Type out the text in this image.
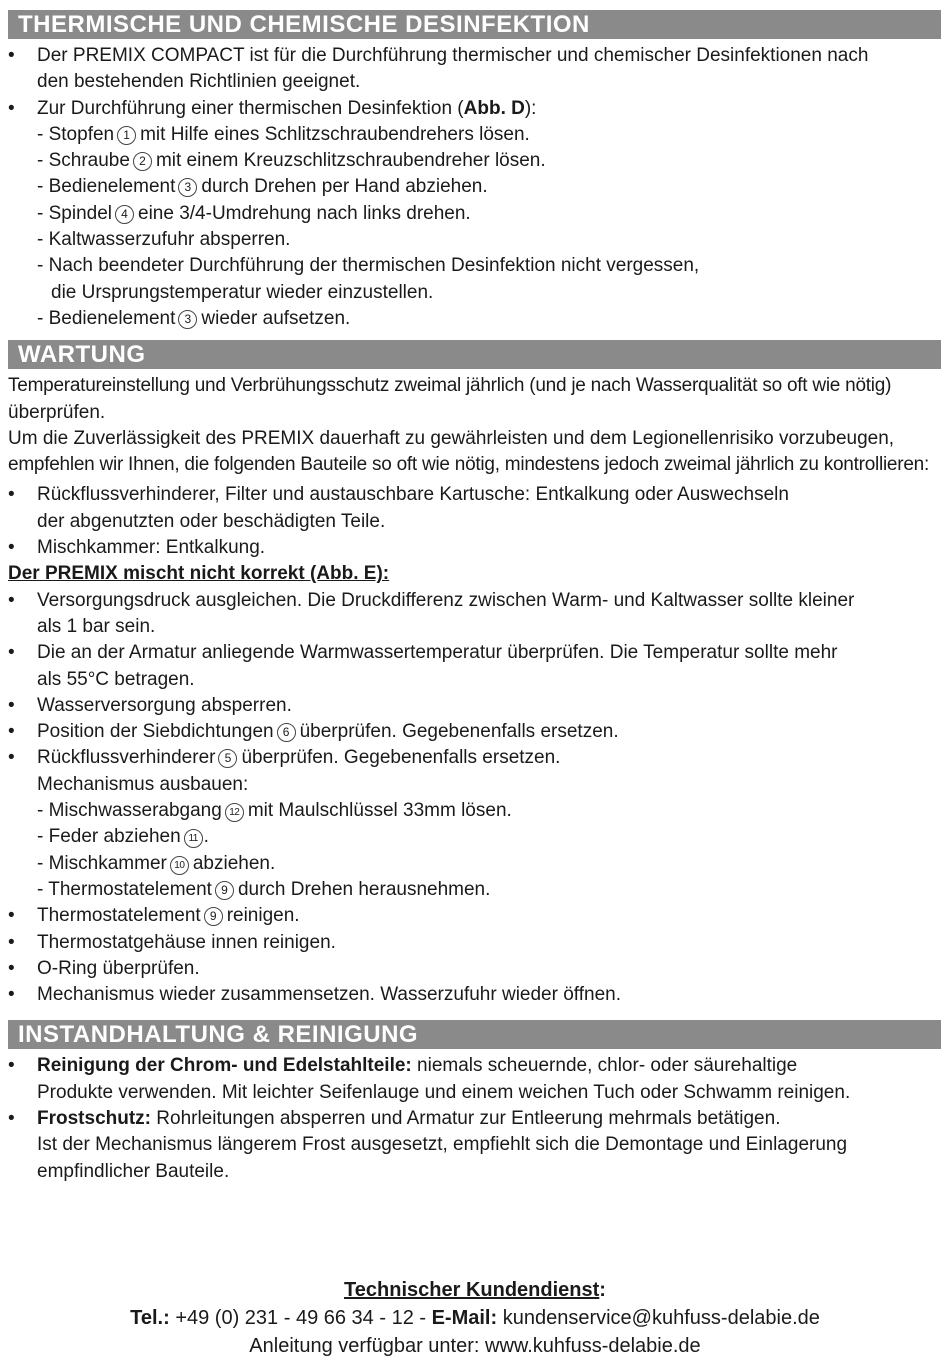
THERMISCHE UND CHEMISCHE DESINFEKTION
• Der PREMIX COMPACT ist für die Durchführung thermischer und chemischer Desinfektionen nach
den bestehenden Richtlinien geeignet.
• Zur Durchführung einer thermischen Desinfektion (Abb. D):
- Stopfen 1 mit Hilfe eines Schlitzschraubendrehers lösen.
- Schraube 2 mit einem Kreuzschlitzschraubendreher lösen.
- Bedienelement 3 durch Drehen per Hand abziehen.
- Spindel 4 eine 3/4-Umdrehung nach links drehen.
- Kaltwasserzufuhr absperren.
- Nach beendeter Durchführung der thermischen Desinfektion nicht vergessen,
die Ursprungstemperatur wieder einzustellen.
- Bedienelement 3 wieder aufsetzen.
WARTUNG
Temperatureinstellung und Verbrühungsschutz zweimal jährlich (und je nach Wasserqualität so oft wie nötig)
überprüfen.
Um die Zuverlässigkeit des PREMIX dauerhaft zu gewährleisten und dem Legionellenrisiko vorzubeugen,
empfehlen wir Ihnen, die folgenden Bauteile so oft wie nötig, mindestens jedoch zweimal jährlich zu kontrollieren:
• Rückflussverhinderer, Filter und austauschbare Kartusche: Entkalkung oder Auswechseln
der abgenutzten oder beschädigten Teile.
• Mischkammer: Entkalkung.
Der PREMIX mischt nicht korrekt (Abb. E):
• Versorgungsdruck ausgleichen. Die Druckdifferenz zwischen Warm- und Kaltwasser sollte kleiner
als 1 bar sein.
• Die an der Armatur anliegende Warmwassertemperatur überprüfen. Die Temperatur sollte mehr
als 55°C betragen.
• Wasserversorgung absperren.
• Position der Siebdichtungen 6 überprüfen. Gegebenenfalls ersetzen.
• Rückflussverhinderer 5 überprüfen. Gegebenenfalls ersetzen.
Mechanismus ausbauen:
- Mischwasserabgang 12 mit Maulschlüssel 33mm lösen.
- Feder abziehen 11 .
- Mischkammer 10 abziehen.
- Thermostatelement 9 durch Drehen herausnehmen.
• Thermostatelement 9 reinigen.
• Thermostatgehäuse innen reinigen.
• O-Ring überprüfen.
• Mechanismus wieder zusammensetzen. Wasserzufuhr wieder öffnen.
INSTANDHALTUNG & REINIGUNG
• Reinigung der Chrom- und Edelstahlteile: niemals scheuernde, chlor- oder säurehaltige
Produkte verwenden. Mit leichter Seifenlauge und einem weichen Tuch oder Schwamm reinigen.
• Frostschutz: Rohrleitungen absperren und Armatur zur Entleerung mehrmals betätigen.
Ist der Mechanismus längerem Frost ausgesetzt, empfiehlt sich die Demontage und Einlagerung
empfindlicher Bauteile.
Technischer Kundendienst:
Tel.: +49 (0) 231 - 49 66 34 - 12 - E-Mail: kundenservice@kuhfuss-delabie.de
Anleitung verfügbar unter: www.kuhfuss-delabie.de
